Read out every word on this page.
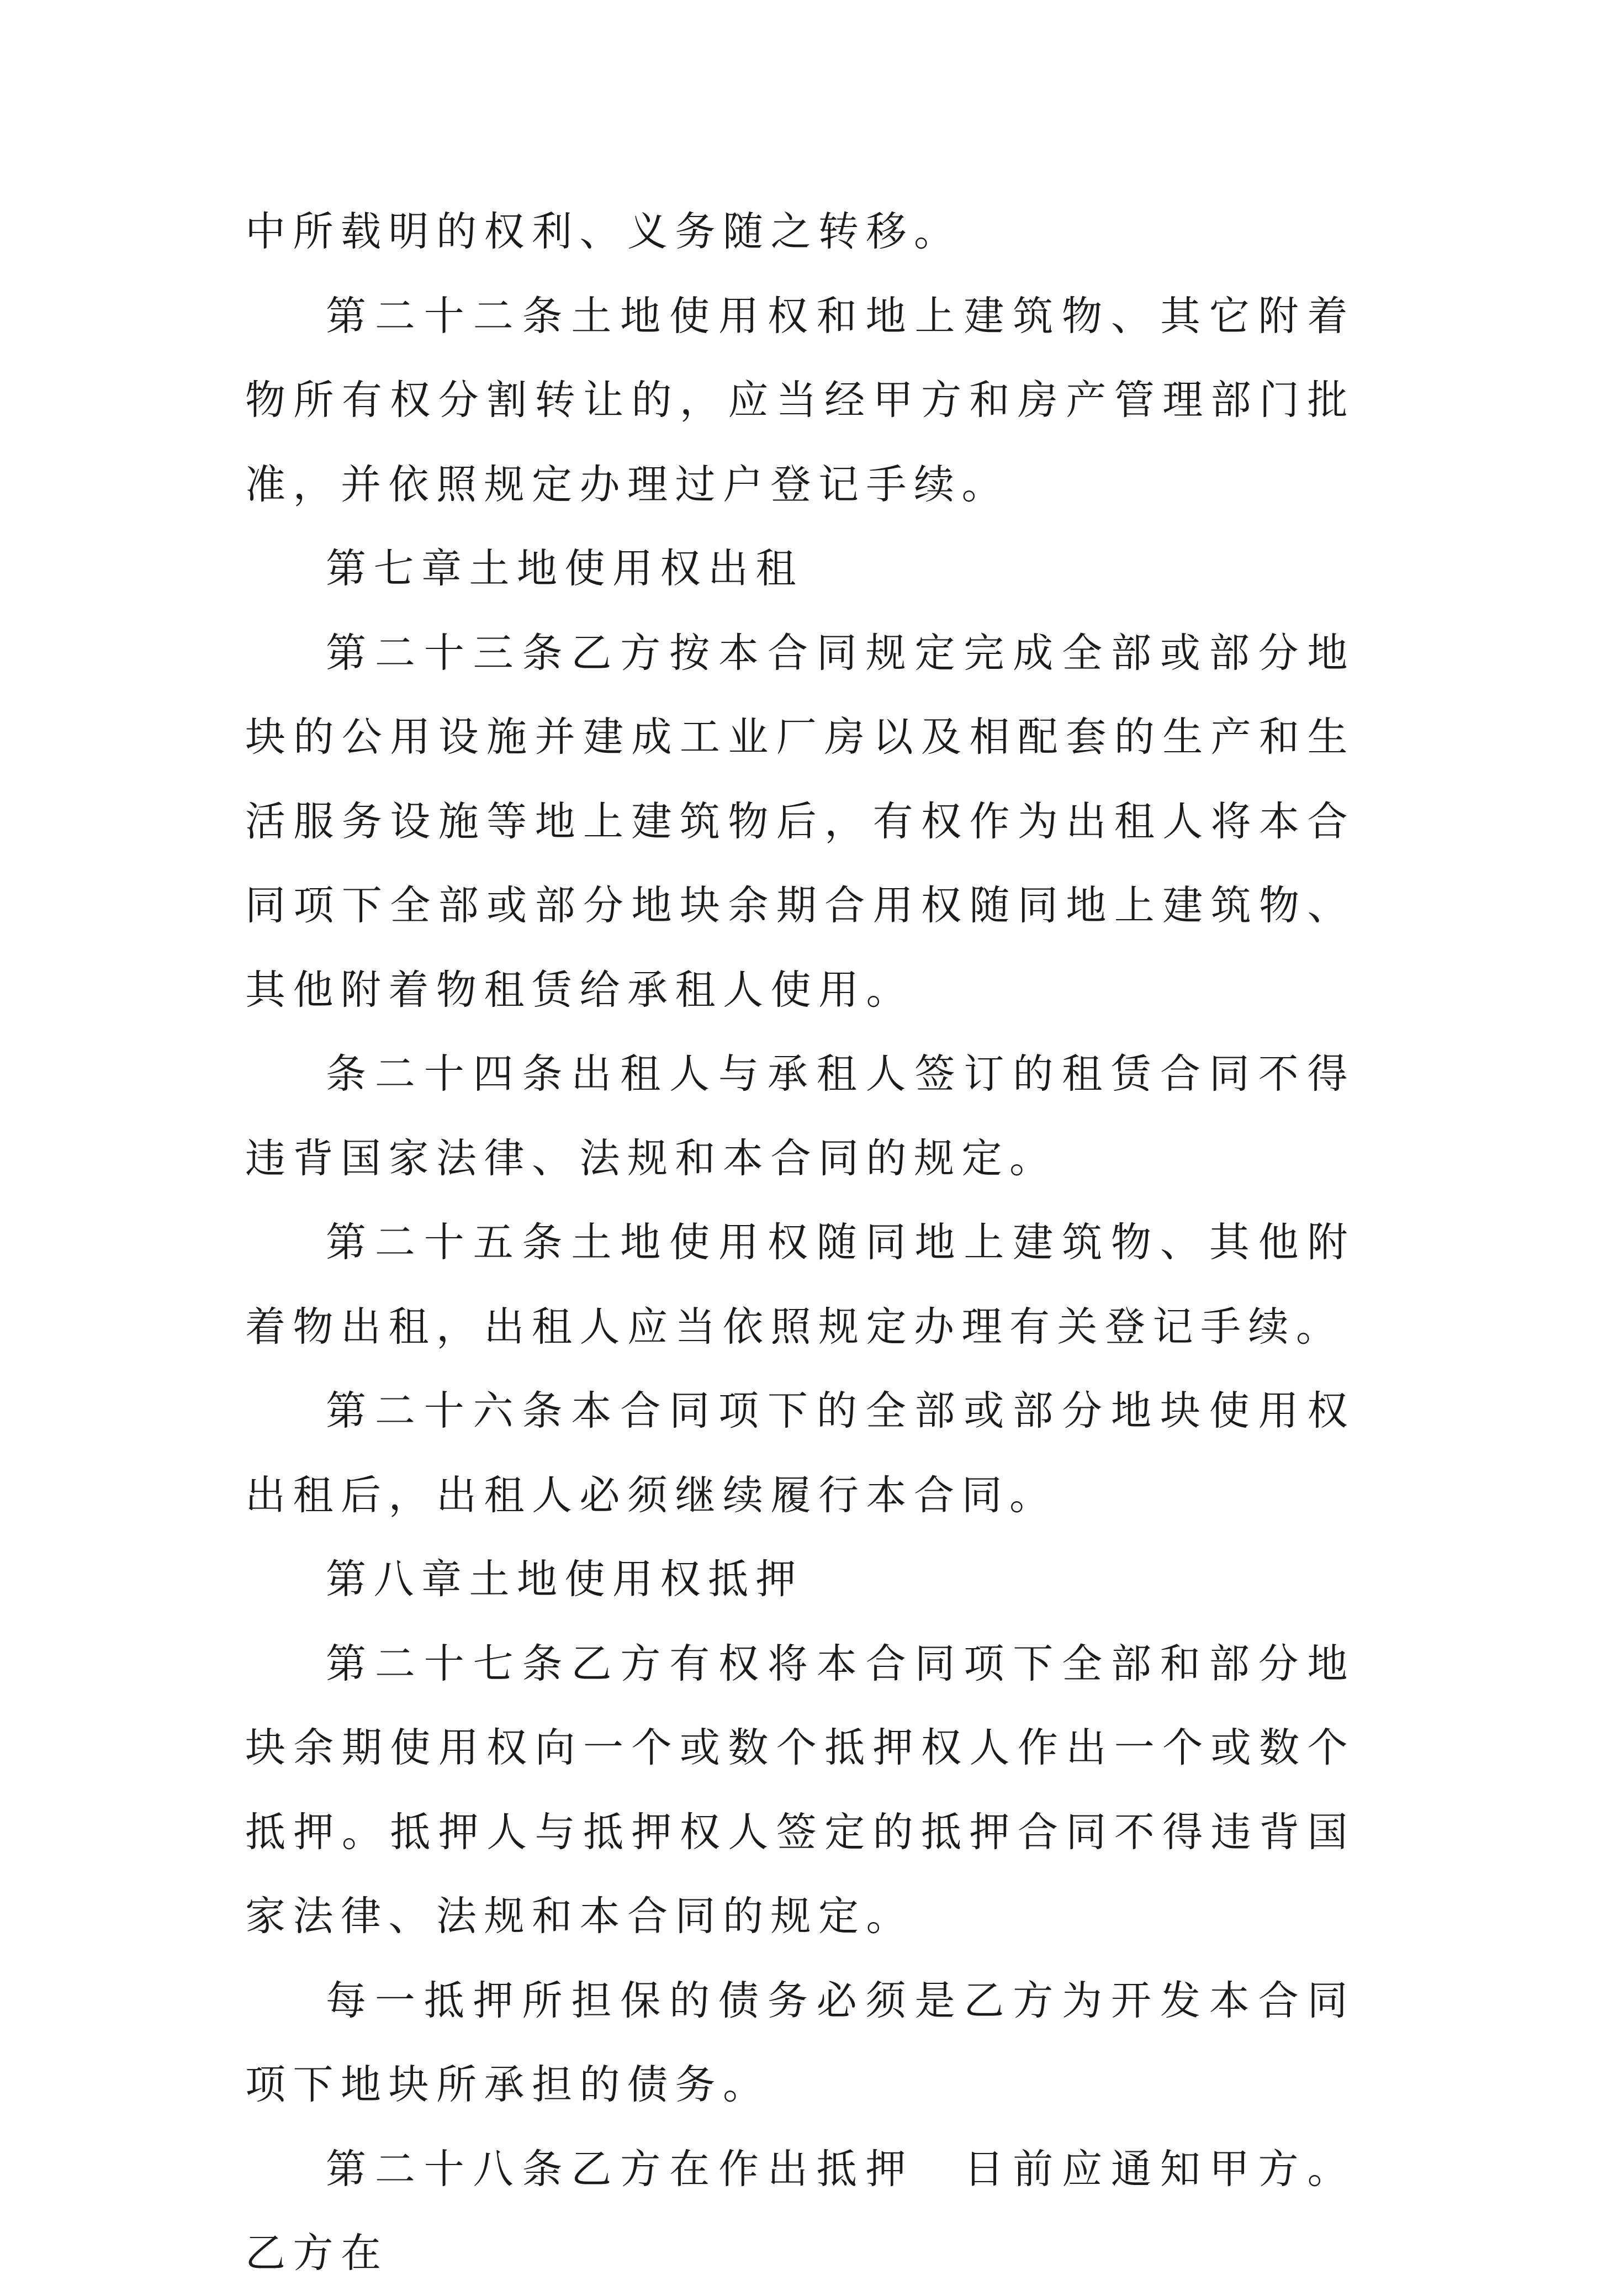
中所载明的权利、义务随之转移。

第二十二条土地使用权和地上建筑物、其它附着物所有权分割转让的，应当经甲方和房产管理部门批准，并依照规定办理过户登记手续。

第七章土地使用权出租

第二十三条乙方按本合同规定完成全部或部分地块的公用设施并建成工业厂房以及相配套的生产和生活服务设施等地上建筑物后，有权作为出租人将本合同项下全部或部分地块余期合用权随同地上建筑物、其他附着物租赁给承租人使用。

条二十四条出租人与承租人签订的租赁合同不得违背国家法律、法规和本合同的规定。

第二十五条土地使用权随同地上建筑物、其他附着物出租，出租人应当依照规定办理有关登记手续。

第二十六条本合同项下的全部或部分地块使用权出租后，出租人必须继续履行本合同。

第八章土地使用权抵押

第二十七条乙方有权将本合同项下全部和部分地块余期使用权向一个或数个抵押权人作出一个或数个抵押。抵押人与抵押权人签定的抵押合同不得违背国家法律、法规和本合同的规定。

每一抵押所担保的债务必须是乙方为开发本合同项下地块所承担的债务。

第二十八条乙方在作出抵押　日前应通知甲方。乙方在
